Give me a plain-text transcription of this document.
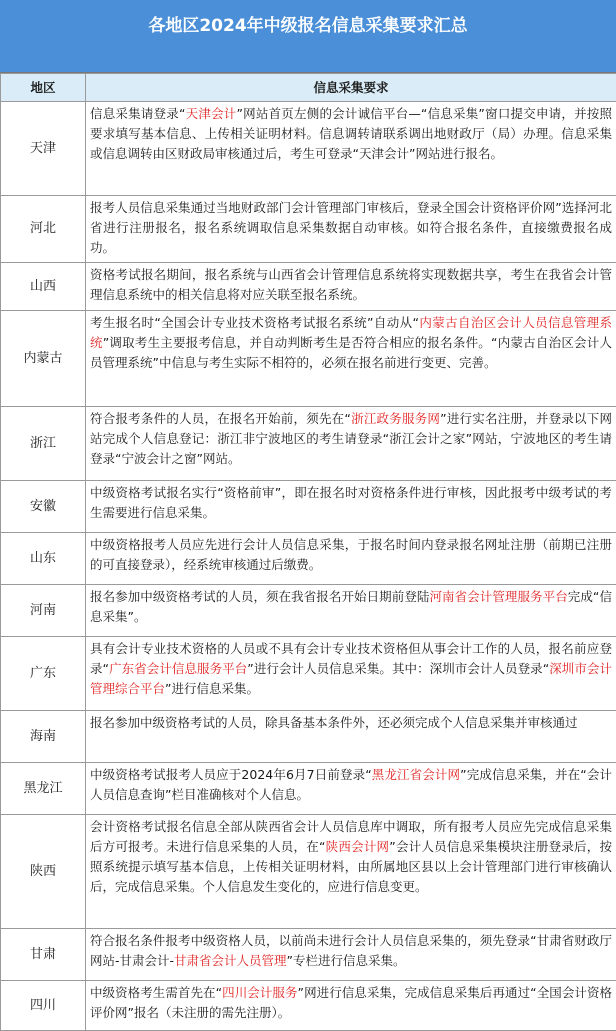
各地区2024年中级报名信息采集要求汇总
地区	信息采集要求
天津	信息采集请登录“天津会计”网站首页左侧的会计诚信平台—“信息采集”窗口提交申请，并按照要求填写基本信息、上传相关证明材料。信息调转请联系调出地财政厅（局）办理。信息采集或信息调转由区财政局审核通过后，考生可登录“天津会计”网站进行报名。
河北	报考人员信息采集通过当地财政部门会计管理部门审核后，登录全国会计资格评价网”选择河北省进行注册报名，报名系统调取信息采集数据自动审核。如符合报名条件，直接缴费报名成功。
山西	资格考试报名期间，报名系统与山西省会计管理信息系统将实现数据共享，考生在我省会计管理信息系统中的相关信息将对应关联至报名系统。
内蒙古	考生报名时“全国会计专业技术资格考试报名系统”自动从“内蒙古自治区会计人员信息管理系统”调取考生主要报考信息，并自动判断考生是否符合相应的报名条件。“内蒙古自治区会计人员管理系统”中信息与考生实际不相符的，必须在报名前进行变更、完善。
浙江	符合报考条件的人员，在报名开始前，须先在“浙江政务服务网”进行实名注册，并登录以下网站完成个人信息登记：浙江非宁波地区的考生请登录“浙江会计之家”网站，宁波地区的考生请登录“宁波会计之窗”网站。
安徽	中级资格考试报名实行“资格前审”，即在报名时对资格条件进行审核，因此报考中级考试的考生需要进行信息采集。
山东	中级资格报考人员应先进行会计人员信息采集，于报名时间内登录报名网址注册（前期已注册的可直接登录），经系统审核通过后缴费。
河南	报名参加中级资格考试的人员，须在我省报名开始日期前登陆河南省会计管理服务平台完成“信息采集”。
广东	具有会计专业技术资格的人员或不具有会计专业技术资格但从事会计工作的人员，报名前应登录“广东省会计信息服务平台”进行会计人员信息采集。其中：深圳市会计人员登录“深圳市会计管理综合平台”进行信息采集。
海南	报名参加中级资格考试的人员，除具备基本条件外，还必须完成个人信息采集并审核通过
黑龙江	中级资格考试报考人员应于2024年6月7日前登录“黑龙江省会计网”完成信息采集，并在“会计人员信息查询”栏目准确核对个人信息。
陕西	会计资格考试报名信息全部从陕西省会计人员信息库中调取，所有报考人员应先完成信息采集后方可报考。未进行信息采集的人员，在“陕西会计网”会计人员信息采集模块注册登录后，按照系统提示填写基本信息，上传相关证明材料，由所属地区县以上会计管理部门进行审核确认后，完成信息采集。个人信息发生变化的，应进行信息变更。
甘肃	符合报名条件报考中级资格人员，以前尚未进行会计人员信息采集的，须先登录“甘肃省财政厅网站-甘肃会计-甘肃省会计人员管理”专栏进行信息采集。
四川	中级资格考生需首先在“四川会计服务”网进行信息采集，完成信息采集后再通过“全国会计资格评价网”报名（未注册的需先注册）。
